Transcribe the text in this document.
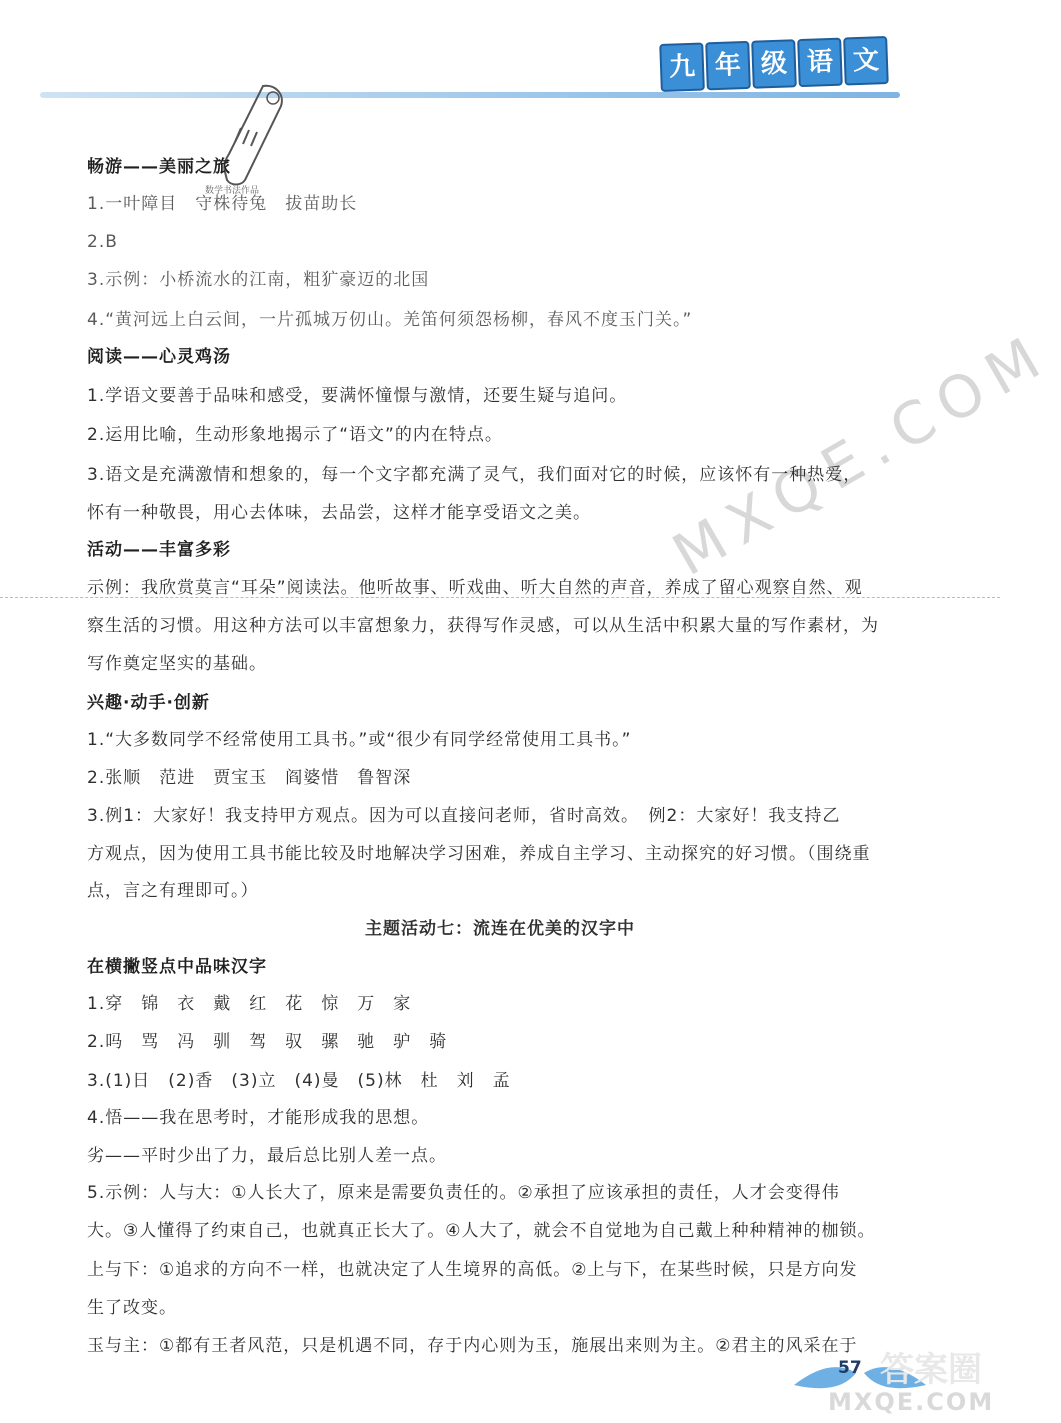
九 年 级 语 文
数学书法作品
MXQE.COM
畅游——美丽之旅
1.一叶障目　守株待兔　拔苗助长
2.B
3.示例：小桥流水的江南，粗犷豪迈的北国
4.“黄河远上白云间，一片孤城万仞山。羌笛何须怨杨柳，春风不度玉门关。”
阅读——心灵鸡汤
1.学语文要善于品味和感受，要满怀憧憬与激情，还要生疑与追问。
2.运用比喻，生动形象地揭示了“语文”的内在特点。
3.语文是充满激情和想象的，每一个文字都充满了灵气，我们面对它的时候，应该怀有一种热爱，
怀有一种敬畏，用心去体味，去品尝，这样才能享受语文之美。
活动——丰富多彩
示例：我欣赏莫言“耳朵”阅读法。他听故事、听戏曲、听大自然的声音，养成了留心观察自然、观
察生活的习惯。用这种方法可以丰富想象力，获得写作灵感，可以从生活中积累大量的写作素材，为
写作奠定坚实的基础。
兴趣·动手·创新
1.“大多数同学不经常使用工具书。”或“很少有同学经常使用工具书。”
2.张顺　范进　贾宝玉　阎婆惜　鲁智深
3.例1：大家好！我支持甲方观点。因为可以直接问老师，省时高效。　例2：大家好！我支持乙
方观点，因为使用工具书能比较及时地解决学习困难，养成自主学习、主动探究的好习惯。（围绕重
点，言之有理即可。）
主题活动七：流连在优美的汉字中
在横撇竖点中品味汉字
1.穿　锦　衣　戴　红　花　惊　万　家
2.吗　骂　冯　驯　驾　驭　骡　驰　驴　骑
3.(1)日　(2)香　(3)立　(4)曼　(5)林　杜　刘　孟
4.悟——我在思考时，才能形成我的思想。
劣——平时少出了力，最后总比别人差一点。
5.示例：人与大：①人长大了，原来是需要负责任的。②承担了应该承担的责任，人才会变得伟
大。③人懂得了约束自己，也就真正长大了。④人大了，就会不自觉地为自己戴上种种精神的枷锁。
上与下：①追求的方向不一样，也就决定了人生境界的高低。②上与下，在某些时候，只是方向发
生了改变。
玉与主：①都有王者风范，只是机遇不同，存于内心则为玉，施展出来则为主。②君主的风采在于
57 答案圈
MXQE.COM
